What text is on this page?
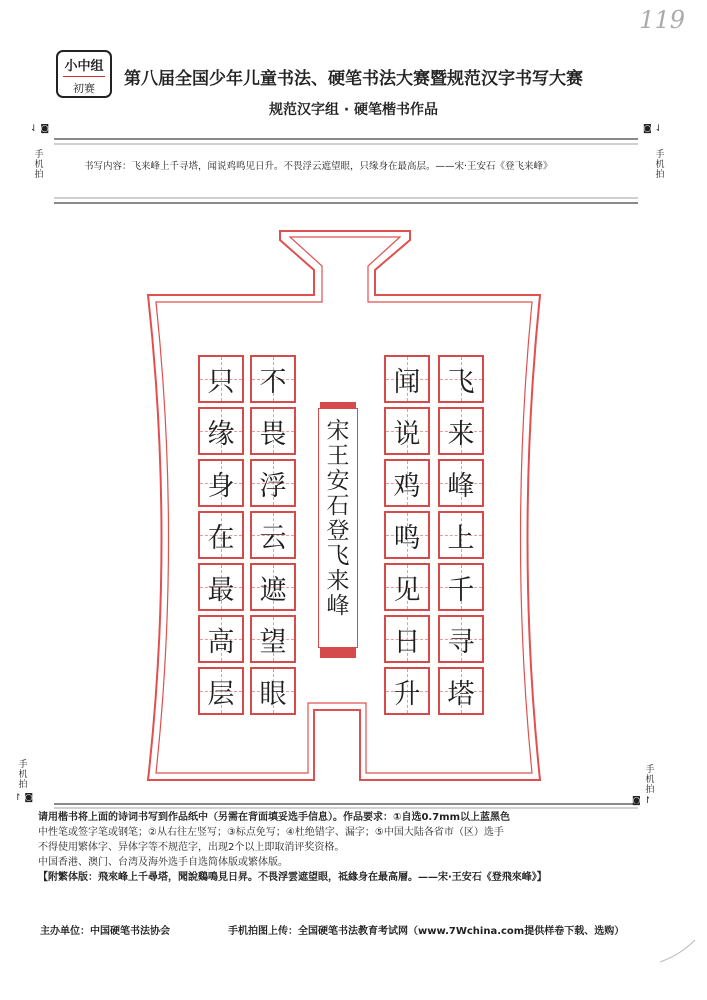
119
小中组
初赛	第八届全国少年儿童书法、硬笔书法大赛暨规范汉字书写大赛
规范汉字组 · 硬笔楷书作品
⇃ ◙
手机拍
◙ ⇃
手机拍
手机拍
↾ ◙
手机拍
◙ ↾
书写内容：飞来峰上千寻塔，闻说鸡鸣见日升。不畏浮云遮望眼，只缘身在最高层。——宋·王安石《登飞来峰》
飞
来
峰
上
千
寻
塔
闻
说
鸡
鸣
见
日
升
不
畏
浮
云
遮
望
眼
只
缘
身
在
最
高
层
宋
王
安
石
登
飞
来
峰

请用楷书将上面的诗词书写到作品纸中（另需在背面填妥选手信息）。作品要求：①自选0.7mm以上蓝黑色

中性笔或签字笔或钢笔；②从右往左竖写；③标点免写；④杜绝错字、漏字；⑤中国大陆各省市（区）选手

不得使用繁体字、异体字等不规范字，出现2个以上即取消评奖资格。

中国香港、澳门、台湾及海外选手自选简体版或繁体版。

【附繁体版：飛來峰上千尋塔，聞說鷄鳴見日昇。不畏浮雲遮望眼，祗緣身在最高層。——宋·王安石《登飛來峰》】

主办单位：中国硬笔书法协会	手机拍图上传：全国硬笔书法教育考试网（www.7Wchina.com提供样卷下载、选购）
